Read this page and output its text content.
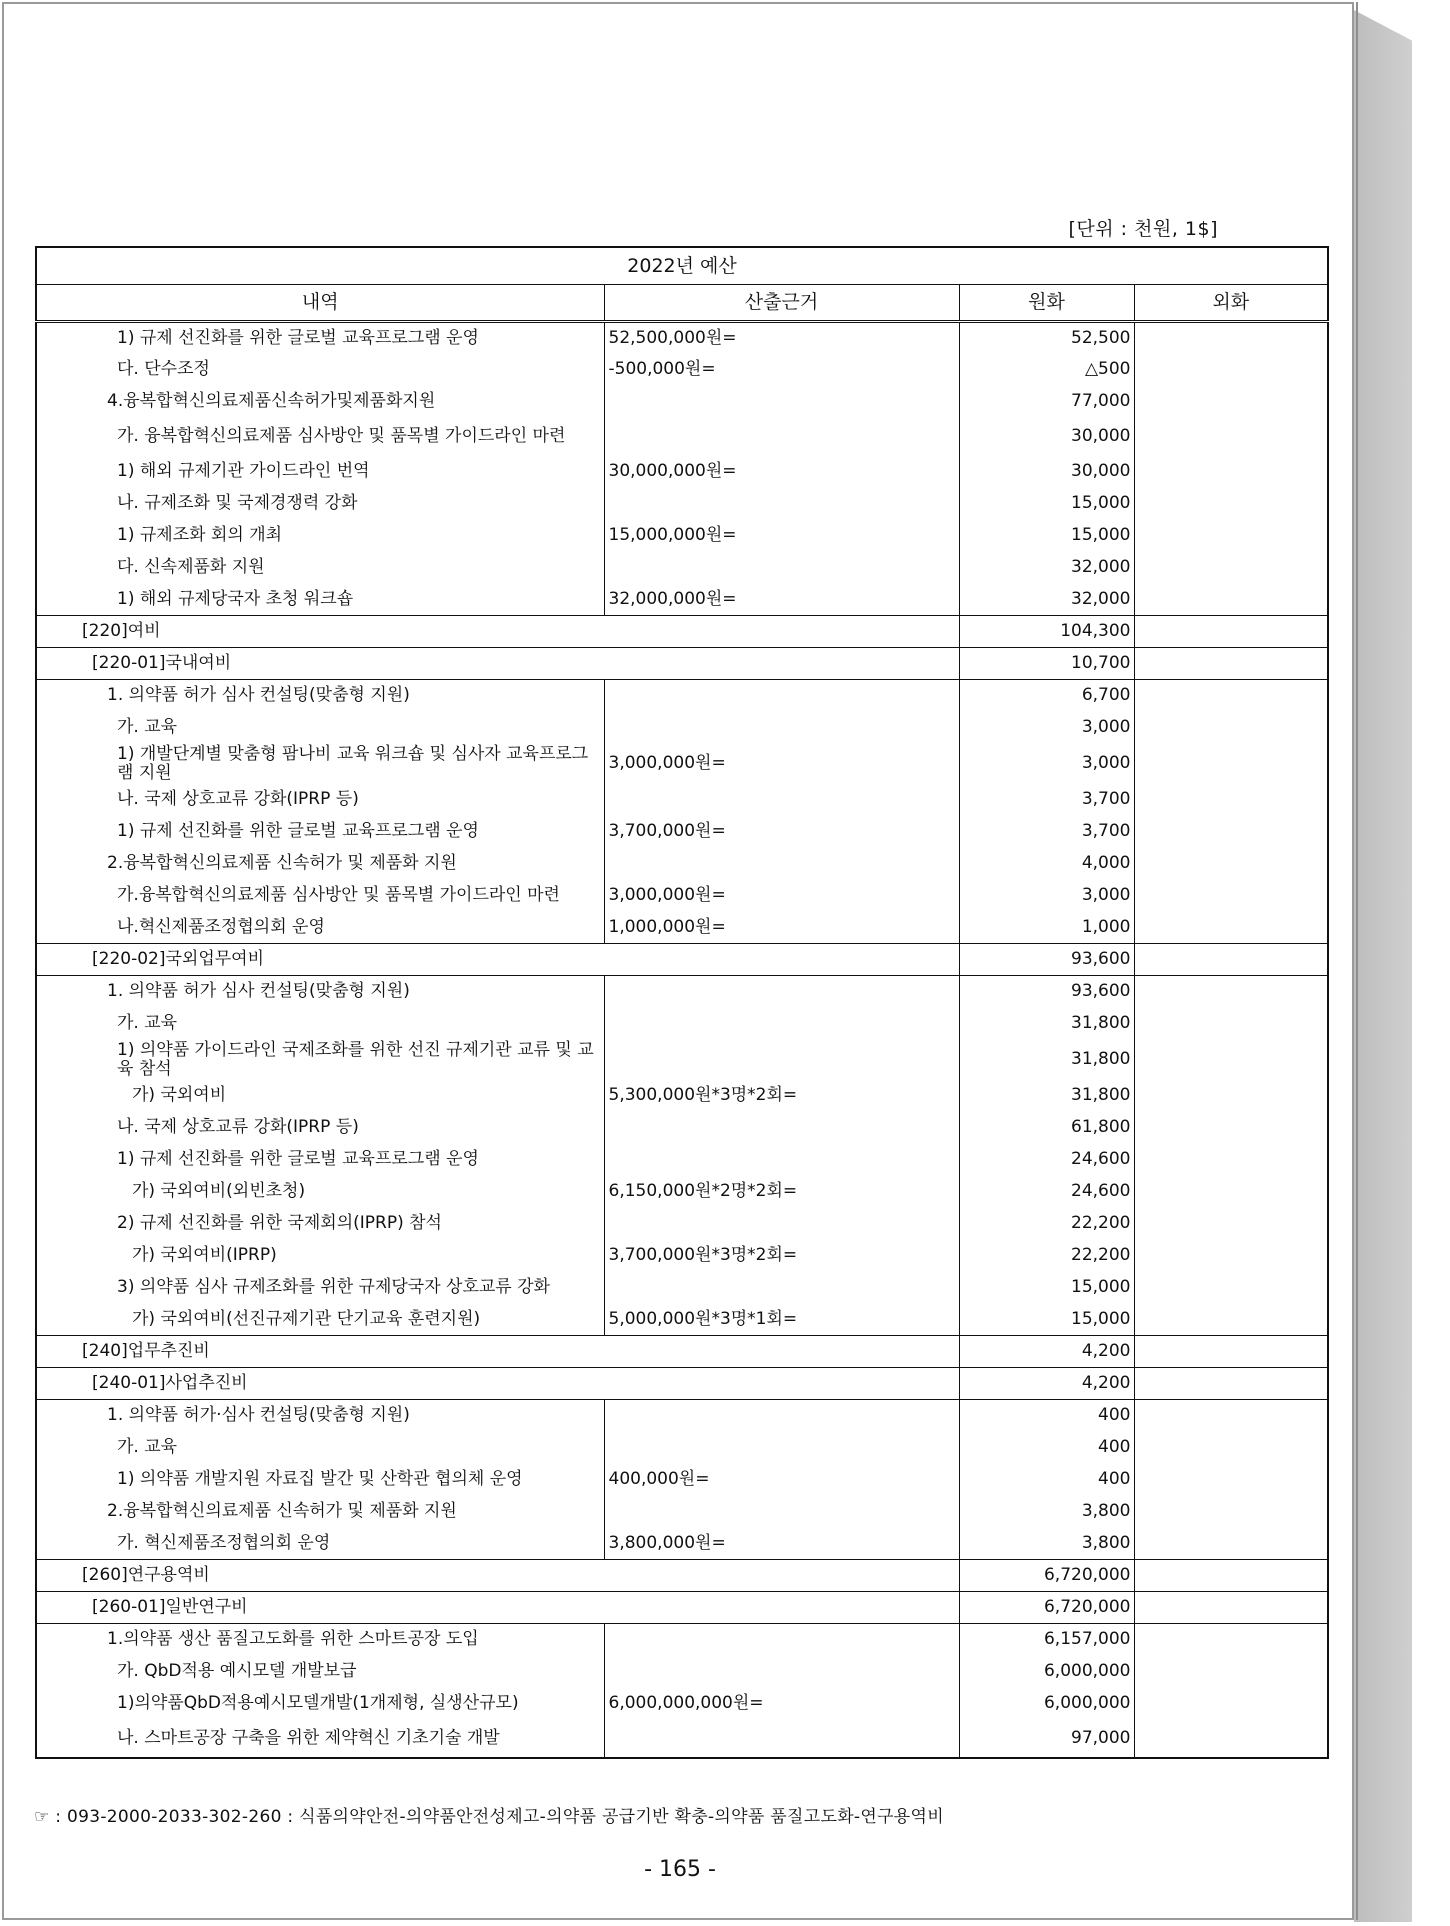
[단위 : 천원, 1$]
2022년 예산			
내역	산출근거	원화	외화
1) 규제 선진화를 위한 글로벌 교육프로그램 운영	52,500,000원=	52,500	
다. 단수조정	-500,000원=	△500	
4.융복합혁신의료제품신속허가및제품화지원		77,000	
가. 융복합혁신의료제품 심사방안 및 품목별 가이드라인 마련		30,000	
1) 해외 규제기관 가이드라인 번역	30,000,000원=	30,000	
나. 규제조화 및 국제경쟁력 강화		15,000	
1) 규제조화 회의 개최	15,000,000원=	15,000	
다. 신속제품화 지원		32,000	
1) 해외 규제당국자 초청 워크숍	32,000,000원=	32,000	
[220]여비		104,300	
[220-01]국내여비		10,700	
1. 의약품 허가 심사 컨설팅(맞춤형 지원)		6,700	
가. 교육		3,000	
1) 개발단계별 맞춤형 팜나비 교육 워크숍 및 심사자 교육프로그램 지원	3,000,000원=	3,000	
나. 국제 상호교류 강화(IPRP 등)		3,700	
1) 규제 선진화를 위한 글로벌 교육프로그램 운영	3,700,000원=	3,700	
2.융복합혁신의료제품 신속허가 및 제품화 지원		4,000	
가.융복합혁신의료제품 심사방안 및 품목별 가이드라인 마련	3,000,000원=	3,000	
나.혁신제품조정협의회 운영	1,000,000원=	1,000	
[220-02]국외업무여비		93,600	
1. 의약품 허가 심사 컨설팅(맞춤형 지원)		93,600	
가. 교육		31,800	
1) 의약품 가이드라인 국제조화를 위한 선진 규제기관 교류 및 교육 참석		31,800	
가) 국외여비	5,300,000원*3명*2회=	31,800	
나. 국제 상호교류 강화(IPRP 등)		61,800	
1) 규제 선진화를 위한 글로벌 교육프로그램 운영		24,600	
가) 국외여비(외빈초청)	6,150,000원*2명*2회=	24,600	
2) 규제 선진화를 위한 국제회의(IPRP) 참석		22,200	
가) 국외여비(IPRP)	3,700,000원*3명*2회=	22,200	
3) 의약품 심사 규제조화를 위한 규제당국자 상호교류 강화		15,000	
가) 국외여비(선진규제기관 단기교육 훈련지원)	5,000,000원*3명*1회=	15,000	
[240]업무추진비		4,200	
[240-01]사업추진비		4,200	
1. 의약품 허가·심사 컨설팅(맞춤형 지원)		400	
가. 교육		400	
1) 의약품 개발지원 자료집 발간 및 산학관 협의체 운영	400,000원=	400	
2.융복합혁신의료제품 신속허가 및 제품화 지원		3,800	
가. 혁신제품조정협의회 운영	3,800,000원=	3,800	
[260]연구용역비		6,720,000	
[260-01]일반연구비		6,720,000	
1.의약품 생산 품질고도화를 위한 스마트공장 도입		6,157,000	
가. QbD적용 예시모델 개발보급		6,000,000	
1)의약품QbD적용예시모델개발(1개제형, 실생산규모)	6,000,000,000원=	6,000,000	
나. 스마트공장 구축을 위한 제약혁신 기초기술 개발		97,000	
☞ : 093-2000-2033-302-260 : 식품의약안전-의약품안전성제고-의약품 공급기반 확충-의약품 품질고도화-연구용역비
- 165 -
